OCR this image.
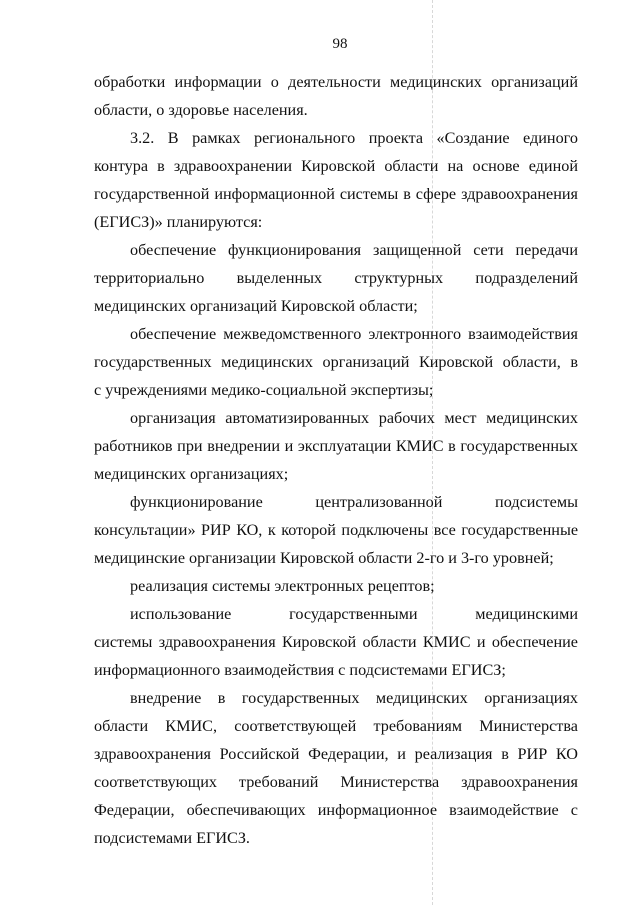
98
обработки информации о деятельности медицинских организаций
области, о здоровье населения.
3.2. В рамках регионального проекта «Создание единого
контура в здравоохранении Кировской области на основе единой
государственной информационной системы в сфере здравоохранения
(ЕГИСЗ)» планируются:
обеспечение функционирования защищенной сети передачи
территориально выделенных структурных подразделений
медицинских организаций Кировской области;
обеспечение межведомственного электронного взаимодействия
государственных медицинских организаций Кировской области, в
с учреждениями медико-социальной экспертизы;
организация автоматизированных рабочих мест медицинских
работников при внедрении и эксплуатации КМИС в государственных
медицинских организациях;
функционирование централизованной подсистемы
консультации» РИР КО, к которой подключены все государственные
медицинские организации Кировской области 2-го и 3-го уровней;
реализация системы электронных рецептов;
использование государственными медицинскими
системы здравоохранения Кировской области КМИС и обеспечение
информационного взаимодействия с подсистемами ЕГИСЗ;
внедрение в государственных медицинских организациях
области КМИС, соответствующей требованиям Министерства
здравоохранения Российской Федерации, и реализация в РИР КО
соответствующих требований Министерства здравоохранения
Федерации, обеспечивающих информационное взаимодействие с
подсистемами ЕГИСЗ.
